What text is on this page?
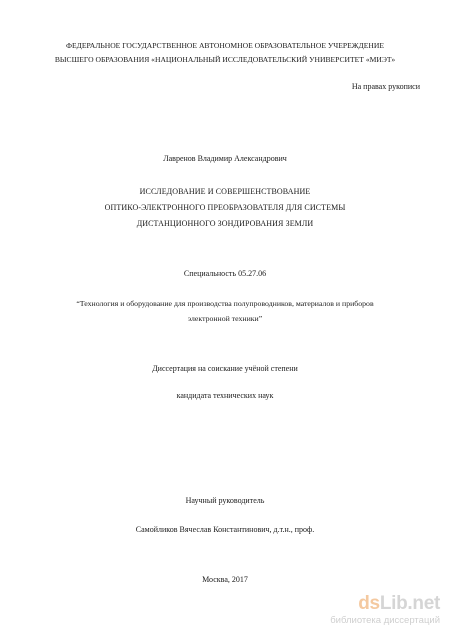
ФЕДЕРАЛЬНОЕ ГОСУДАРСТВЕННОЕ АВТОНОМНОЕ ОБРАЗОВАТЕЛЬНОЕ УЧЕРЕЖДЕНИЕ
ВЫСШЕГО ОБРАЗОВАНИЯ «НАЦИОНАЛЬНЫЙ ИССЛЕДОВАТЕЛЬСКИЙ УНИВЕРСИТЕТ «МИЭТ»
На правах рукописи
Лавренов Владимир Александрович
ИССЛЕДОВАНИЕ И СОВЕРШЕНСТВОВАНИЕ
ОПТИКО-ЭЛЕКТРОННОГО ПРЕОБРАЗОВАТЕЛЯ ДЛЯ СИСТЕМЫ
ДИСТАНЦИОННОГО ЗОНДИРОВАНИЯ ЗЕМЛИ
Специальность 05.27.06
“Технология и оборудование для производства полупроводников, материалов и приборов
электронной техники”
Диссертация на соискание учёной степени
кандидата технических наук
Научный руководитель
Самойликов Вячеслав Константинович, д.т.н., проф.
Москва, 2017
dsLib.net
библиотека диссертаций
